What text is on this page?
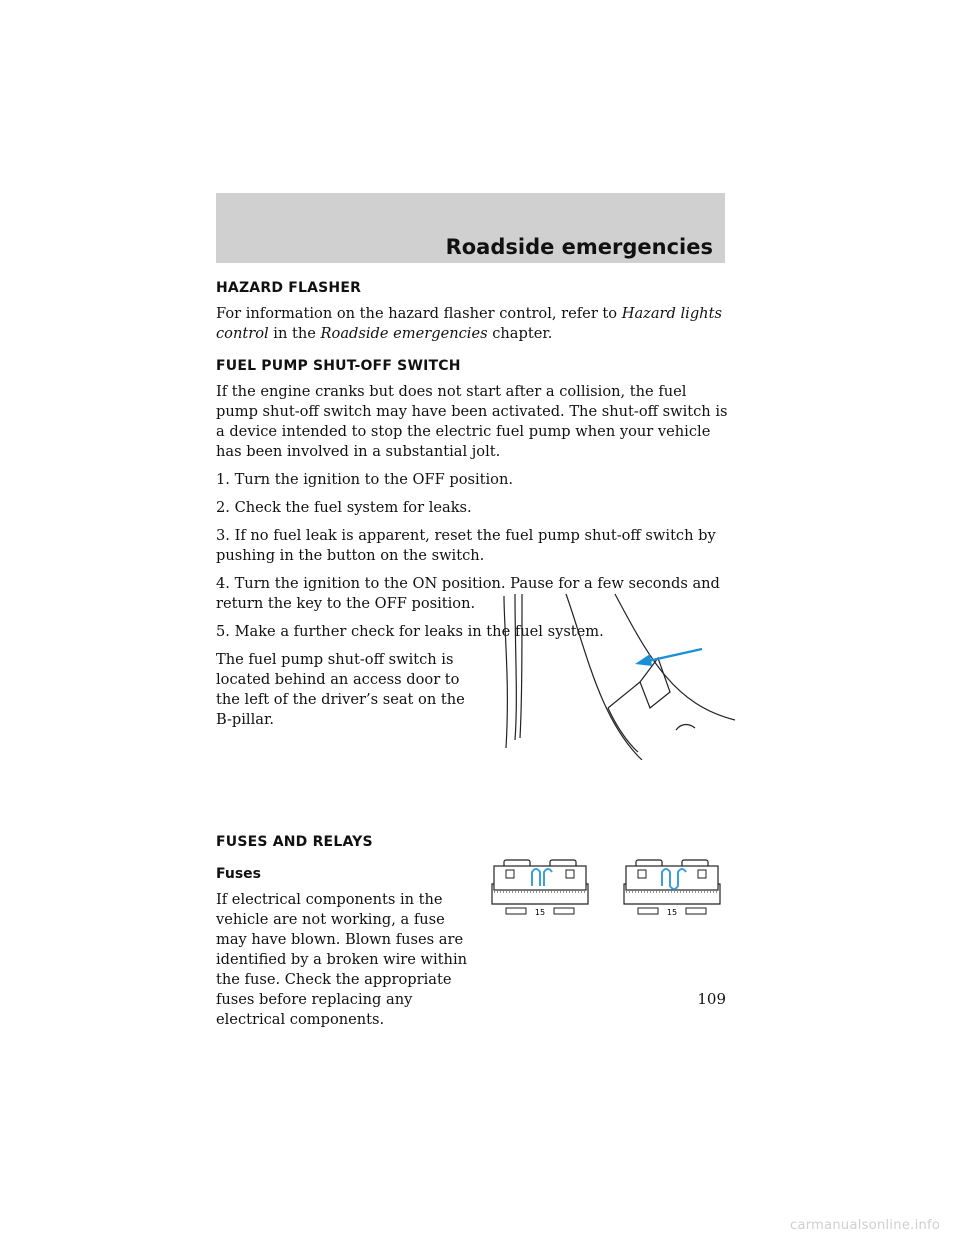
Roadside emergencies
HAZARD FLASHER

For information on the hazard flasher control, refer to Hazard lights control in the Roadside emergencies chapter.

FUEL PUMP SHUT-OFF SWITCH

If the engine cranks but does not start after a collision, the fuel pump shut-off switch may have been activated. The shut-off switch is a device intended to stop the electric fuel pump when your vehicle has been involved in a substantial jolt.

1. Turn the ignition to the OFF position.

2. Check the fuel system for leaks.

3. If no fuel leak is apparent, reset the fuel pump shut-off switch by pushing in the button on the switch.

4. Turn the ignition to the ON position. Pause for a few seconds and return the key to the OFF position.

5. Make a further check for leaks in the fuel system.

The fuel pump shut-off switch is located behind an access door to the left of the driver’s seat on the B-pillar.

FUSES AND RELAYS
Fuses

If electrical components in the vehicle are not working, a fuse may have blown. Blown fuses are identified by a broken wire within the fuse. Check the appropriate fuses before replacing any electrical components.

15	15
109
carmanualsonline.info
